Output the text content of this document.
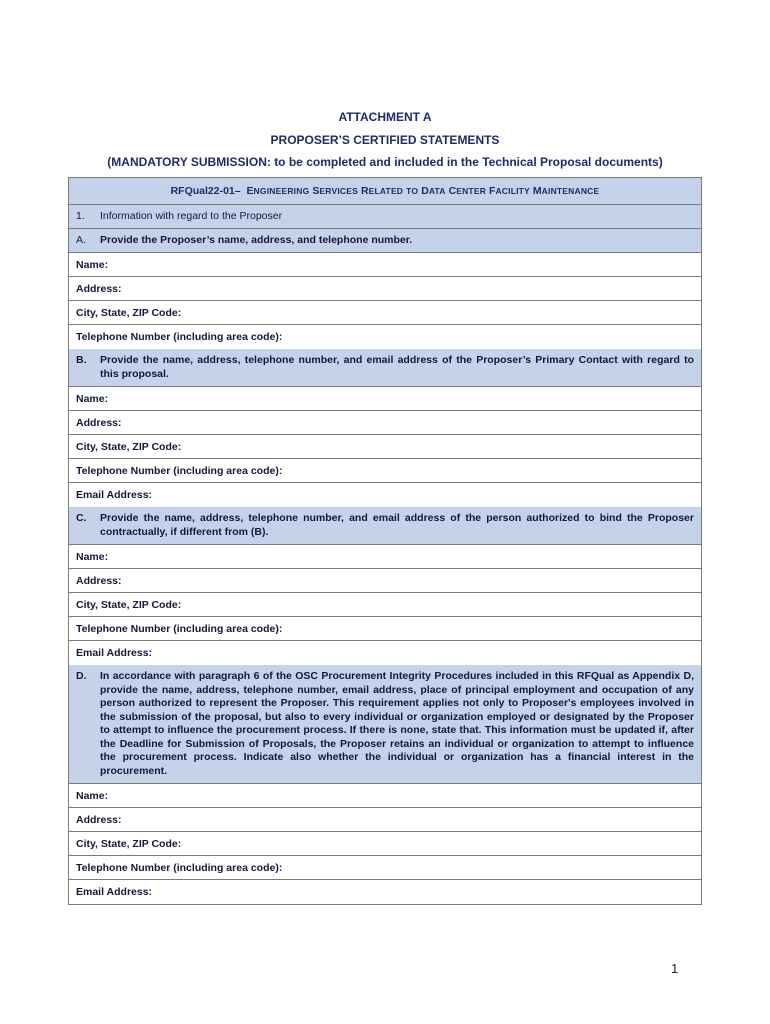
ATTACHMENT A
PROPOSER’S CERTIFIED STATEMENTS
(MANDATORY SUBMISSION: to be completed and included in the Technical Proposal documents)
RFQual22-01– ENGINEERING SERVICES RELATED TO DATA CENTER FACILITY MAINTENANCE
1.	Information with regard to the Proposer
A.	Provide the Proposer’s name, address, and telephone number.
Name:
Address:
City, State, ZIP Code:
Telephone Number (including area code):
B.	Provide the name, address, telephone number, and email address of the Proposer’s Primary Contact with regard to this proposal.
Name:
Address:
City, State, ZIP Code:
Telephone Number (including area code):
Email Address:
C.	Provide the name, address, telephone number, and email address of the person authorized to bind the Proposer contractually, if different from (B).
Name:
Address:
City, State, ZIP Code:
Telephone Number (including area code):
Email Address:
D.	In accordance with paragraph 6 of the OSC Procurement Integrity Procedures included in this RFQual as Appendix D, provide the name, address, telephone number, email address, place of principal employment and occupation of any person authorized to represent the Proposer. This requirement applies not only to Proposer's employees involved in the submission of the proposal, but also to every individual or organization employed or designated by the Proposer to attempt to influence the procurement process. If there is none, state that. This information must be updated if, after the Deadline for Submission of Proposals, the Proposer retains an individual or organization to attempt to influence the procurement process. Indicate also whether the individual or organization has a financial interest in the procurement.
Name:
Address:
City, State, ZIP Code:
Telephone Number (including area code):
Email Address:
1
